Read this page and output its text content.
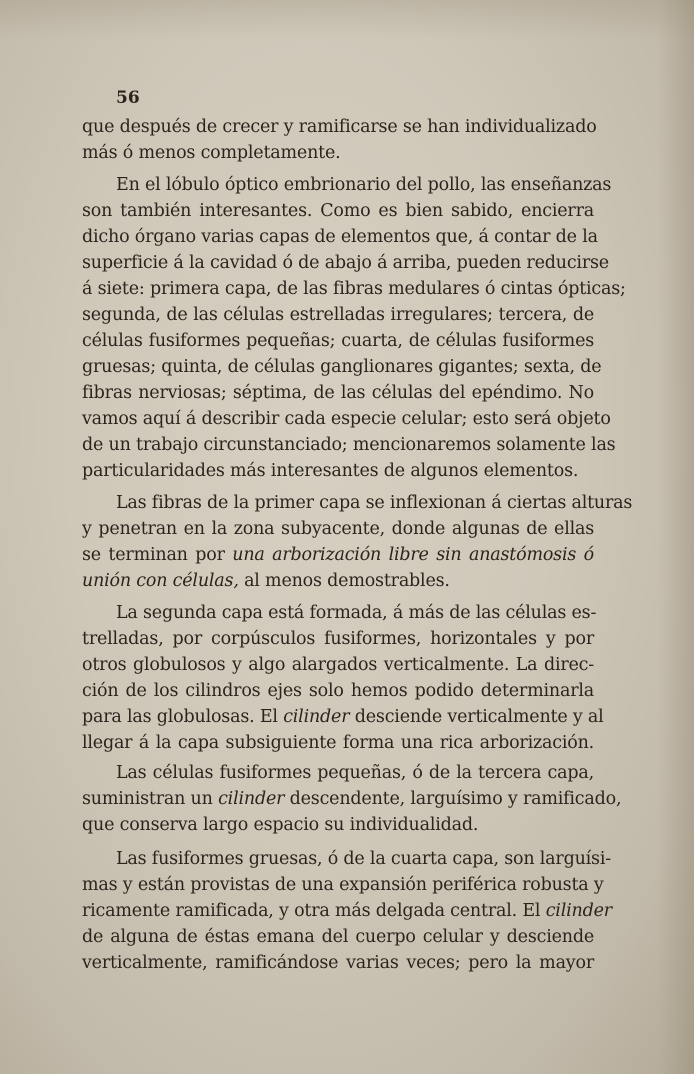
56
que después de crecer y ramificarse se han individualizado
más ó menos completamente.
En el lóbulo óptico embrionario del pollo, las enseñanzas
son también interesantes. Como es bien sabido, encierra
dicho órgano varias capas de elementos que, á contar de la
superficie á la cavidad ó de abajo á arriba, pueden reducirse
á siete: primera capa, de las fibras medulares ó cintas ópticas;
segunda, de las células estrelladas irregulares; tercera, de
células fusiformes pequeñas; cuarta, de células fusiformes
gruesas; quinta, de células ganglionares gigantes; sexta, de
fibras nerviosas; séptima, de las células del epéndimo. No
vamos aquí á describir cada especie celular; esto será objeto
de un trabajo circunstanciado; mencionaremos solamente las
particularidades más interesantes de algunos elementos.
Las fibras de la primer capa se inflexionan á ciertas alturas
y penetran en la zona subyacente, donde algunas de ellas
se terminan por una arborización libre sin anastómosis ó
unión con células, al menos demostrables.
La segunda capa está formada, á más de las células es-
trelladas, por corpúsculos fusiformes, horizontales y por
otros globulosos y algo alargados verticalmente. La direc-
ción de los cilindros ejes solo hemos podido determinarla
para las globulosas. El cilinder desciende verticalmente y al
llegar á la capa subsiguiente forma una rica arborización.
Las células fusiformes pequeñas, ó de la tercera capa,
suministran un cilinder descendente, larguísimo y ramificado,
que conserva largo espacio su individualidad.
Las fusiformes gruesas, ó de la cuarta capa, son larguísi-
mas y están provistas de una expansión periférica robusta y
ricamente ramificada, y otra más delgada central. El cilinder
de alguna de éstas emana del cuerpo celular y desciende
verticalmente, ramificándose varias veces; pero la mayor
